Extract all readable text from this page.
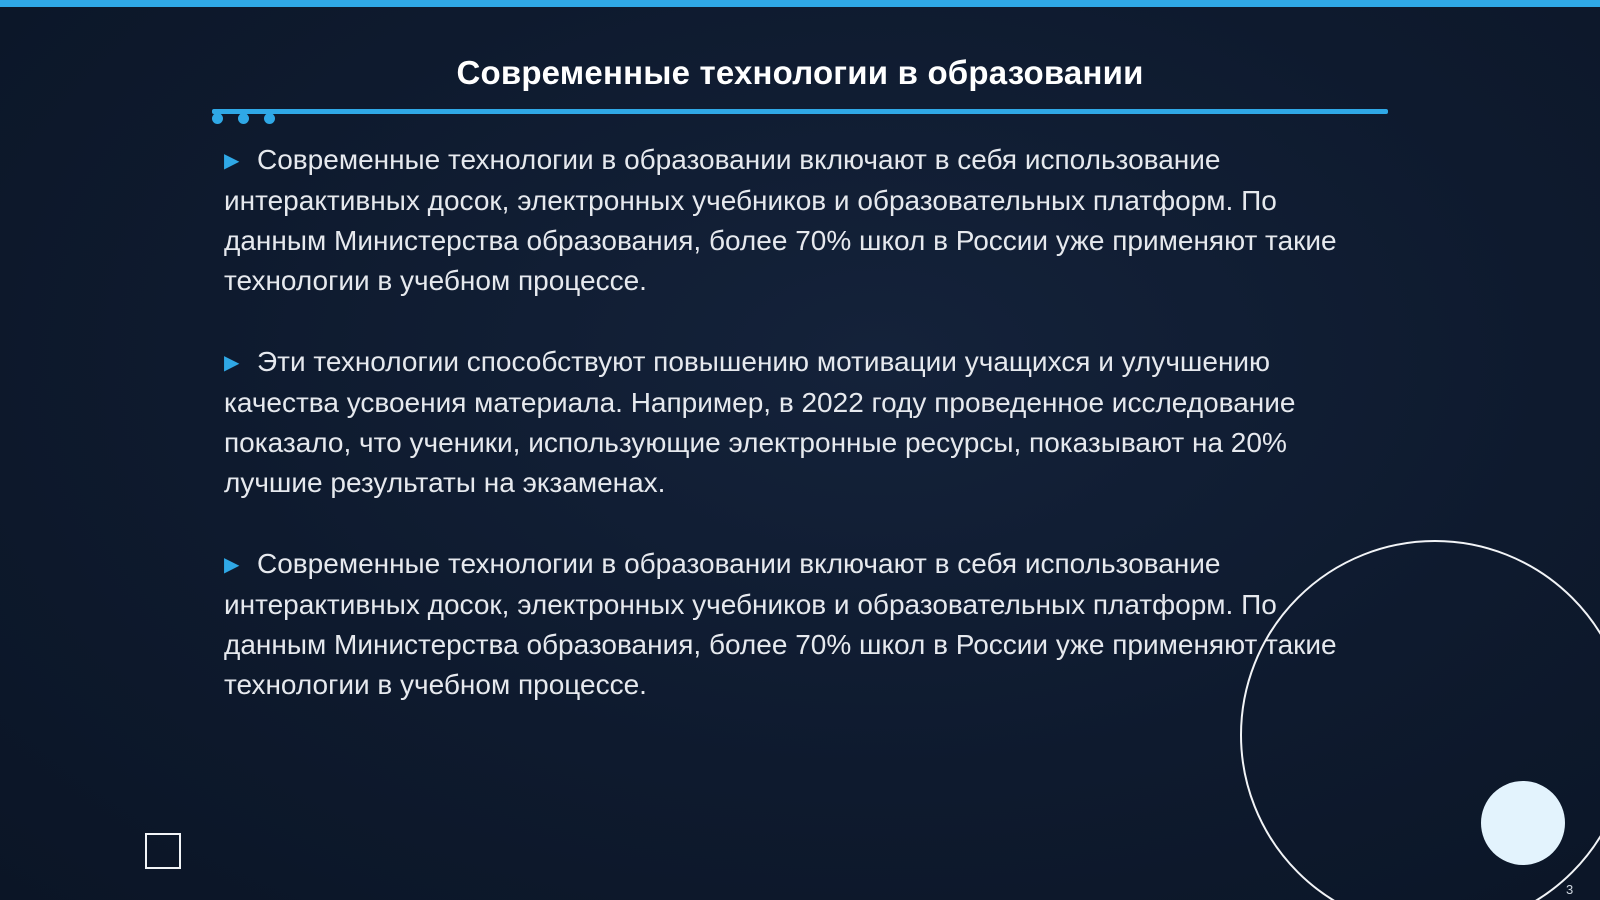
Современные технологии в образовании

▶ Современные технологии в образовании включают в себя использование интерактивных досок, электронных учебников и образовательных платформ. По данным Министерства образования, более 70% школ в России уже применяют такие технологии в учебном процессе.

▶ Эти технологии способствуют повышению мотивации учащихся и улучшению качества усвоения материала. Например, в 2022 году проведенное исследование показало, что ученики, использующие электронные ресурсы, показывают на 20% лучшие результаты на экзаменах.

▶ Современные технологии в образовании включают в себя использование интерактивных досок, электронных учебников и образовательных платформ. По данным Министерства образования, более 70% школ в России уже применяют такие технологии в учебном процессе.

3
